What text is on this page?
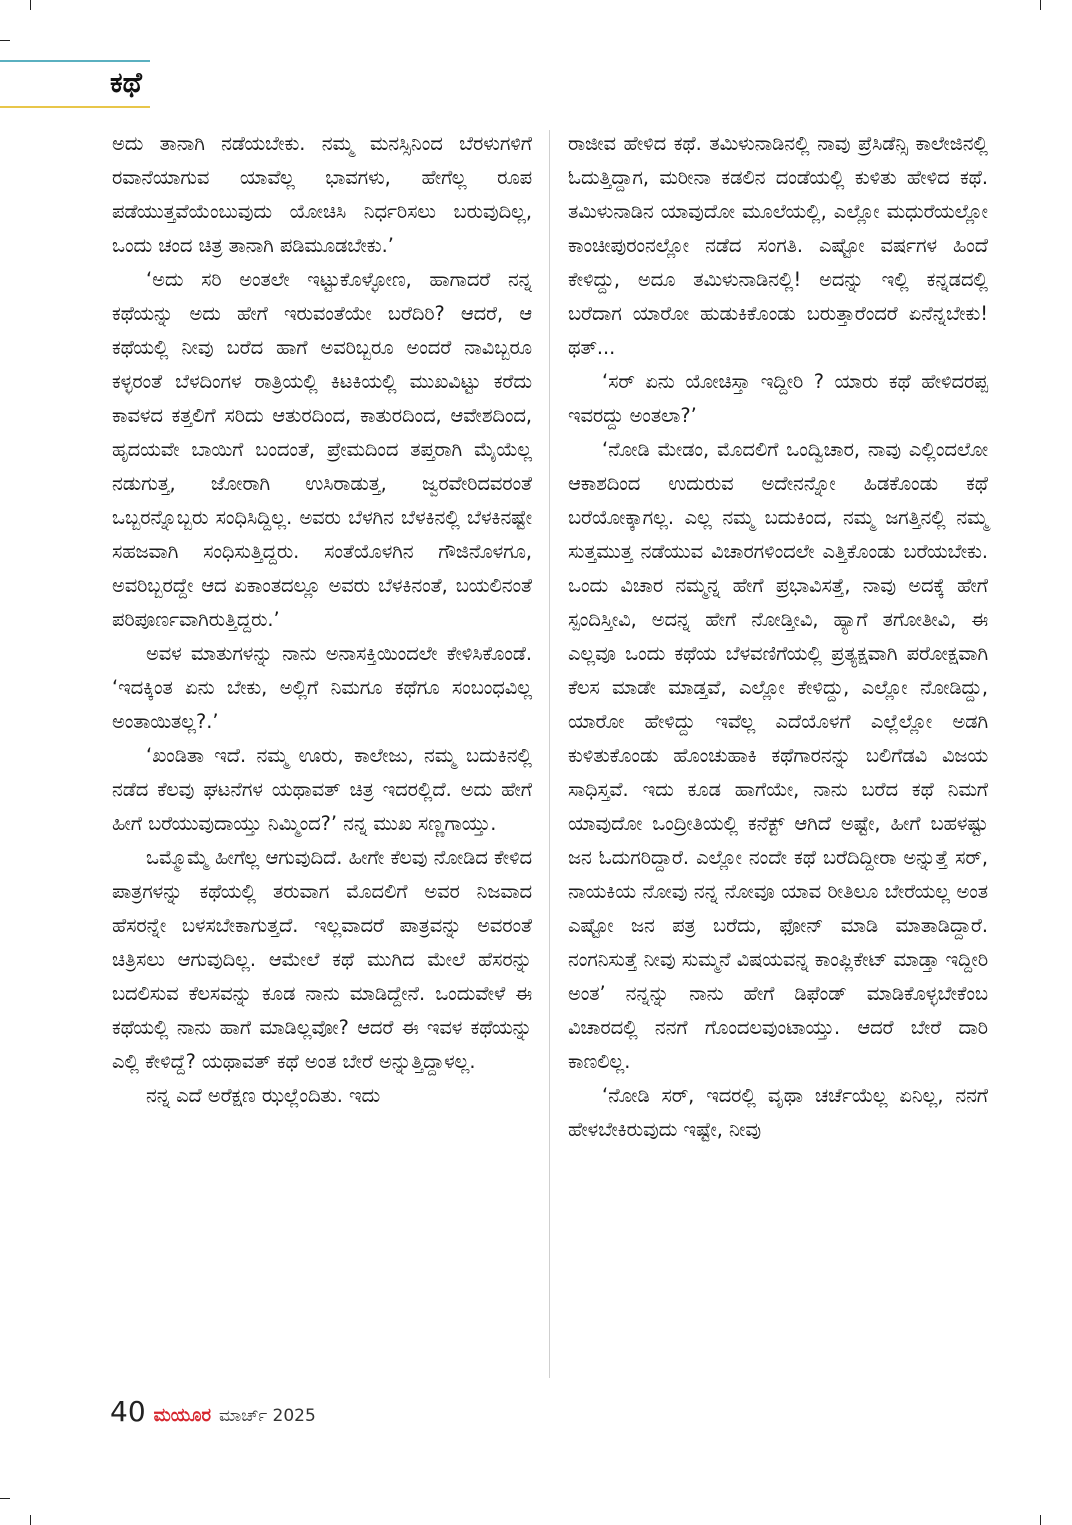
ಕಥೆ

ಅದು ತಾನಾಗಿ ನಡೆಯಬೇಕು. ನಮ್ಮ ಮನಸ್ಸಿನಿಂದ ಬೆರಳುಗಳಿಗೆ ರವಾನೆಯಾಗುವ ಯಾವೆಲ್ಲ ಭಾವಗಳು, ಹೇಗೆಲ್ಲ ರೂಪ ಪಡೆಯುತ್ತವೆಯೆಂಬುವುದು ಯೋಚಿಸಿ ನಿರ್ಧರಿಸಲು ಬರುವುದಿಲ್ಲ, ಒಂದು ಚಂದ ಚಿತ್ರ ತಾನಾಗಿ ಪಡಿಮೂಡಬೇಕು.’

‘ಅದು ಸರಿ ಅಂತಲೇ ಇಟ್ಟುಕೊಳ್ಳೋಣ, ಹಾಗಾದರೆ ನನ್ನ ಕಥೆಯನ್ನು ಅದು ಹೇಗೆ ಇರುವಂತೆಯೇ ಬರೆದಿರಿ? ಆದರೆ, ಆ ಕಥೆಯಲ್ಲಿ ನೀವು ಬರೆದ ಹಾಗೆ ಅವರಿಬ್ಬರೂ ಅಂದರೆ ನಾವಿಬ್ಬರೂ ಕಳ್ಳರಂತೆ ಬೆಳದಿಂಗಳ ರಾತ್ರಿಯಲ್ಲಿ ಕಿಟಕಿಯಲ್ಲಿ ಮುಖವಿಟ್ಟು ಕರೆದು ಕಾವಳದ ಕತ್ತಲಿಗೆ ಸರಿದು ಆತುರದಿಂದ, ಕಾತುರದಿಂದ, ಆವೇಶದಿಂದ, ಹೃದಯವೇ ಬಾಯಿಗೆ ಬಂದಂತೆ, ಪ್ರೇಮದಿಂದ ತಪ್ತರಾಗಿ ಮೈಯೆಲ್ಲ ನಡುಗುತ್ತ, ಜೋರಾಗಿ ಉಸಿರಾಡುತ್ತ, ಜ್ವರವೇರಿದವರಂತೆ ಒಬ್ಬರನ್ನೊಬ್ಬರು ಸಂಧಿಸಿದ್ದಿಲ್ಲ. ಅವರು ಬೆಳಗಿನ ಬೆಳಕಿನಲ್ಲಿ ಬೆಳಕಿನಷ್ಟೇ ಸಹಜವಾಗಿ ಸಂಧಿಸುತ್ತಿದ್ದರು. ಸಂತೆಯೊಳಗಿನ ಗೌಜಿನೊಳಗೂ, ಅವರಿಬ್ಬರದ್ದೇ ಆದ ಏಕಾಂತದಲ್ಲೂ ಅವರು ಬೆಳಕಿನಂತೆ, ಬಯಲಿನಂತೆ ಪರಿಪೂರ್ಣವಾಗಿರುತ್ತಿದ್ದರು.’

ಅವಳ ಮಾತುಗಳನ್ನು ನಾನು ಅನಾಸಕ್ತಿಯಿಂದಲೇ ಕೇಳಿಸಿಕೊಂಡೆ. ‘ಇದಕ್ಕಿಂತ ಏನು ಬೇಕು, ಅಲ್ಲಿಗೆ ನಿಮಗೂ ಕಥೆಗೂ ಸಂಬಂಧವಿಲ್ಲ ಅಂತಾಯಿತಲ್ಲ?.’

‘ಖಂಡಿತಾ ಇದೆ. ನಮ್ಮ ಊರು, ಕಾಲೇಜು, ನಮ್ಮ ಬದುಕಿನಲ್ಲಿ ನಡೆದ ಕೆಲವು ಘಟನೆಗಳ ಯಥಾವತ್ ಚಿತ್ರ ಇದರಲ್ಲಿದೆ. ಅದು ಹೇಗೆ ಹೀಗೆ ಬರೆಯುವುದಾಯ್ತು ನಿಮ್ಮಿಂದ?’ ನನ್ನ ಮುಖ ಸಣ್ಣಗಾಯ್ತು.

ಒಮ್ಮೊಮ್ಮೆ ಹೀಗೆಲ್ಲ ಆಗುವುದಿದೆ. ಹೀಗೇ ಕೆಲವು ನೋಡಿದ ಕೇಳಿದ ಪಾತ್ರಗಳನ್ನು ಕಥೆಯಲ್ಲಿ ತರುವಾಗ ಮೊದಲಿಗೆ ಅವರ ನಿಜವಾದ ಹೆಸರನ್ನೇ ಬಳಸಬೇಕಾಗುತ್ತದೆ. ಇಲ್ಲವಾದರೆ ಪಾತ್ರವನ್ನು ಅವರಂತೆ ಚಿತ್ರಿಸಲು ಆಗುವುದಿಲ್ಲ. ಆಮೇಲೆ ಕಥೆ ಮುಗಿದ ಮೇಲೆ ಹೆಸರನ್ನು ಬದಲಿಸುವ ಕೆಲಸವನ್ನು ಕೂಡ ನಾನು ಮಾಡಿದ್ದೇನೆ. ಒಂದುವೇಳೆ ಈ ಕಥೆಯಲ್ಲಿ ನಾನು ಹಾಗೆ ಮಾಡಿಲ್ಲವೋ? ಆದರೆ ಈ ಇವಳ ಕಥೆಯನ್ನು ಎಲ್ಲಿ ಕೇಳಿದ್ದೆ? ಯಥಾವತ್ ಕಥೆ ಅಂತ ಬೇರೆ ಅನ್ನುತ್ತಿದ್ದಾಳಲ್ಲ.

ನನ್ನ ಎದೆ ಅರೆಕ್ಷಣ ಝಲ್ಲೆಂದಿತು. ಇದು

ರಾಜೀವ ಹೇಳಿದ ಕಥೆ. ತಮಿಳುನಾಡಿನಲ್ಲಿ ನಾವು ಪ್ರೆಸಿಡೆನ್ಸಿ ಕಾಲೇಜಿನಲ್ಲಿ ಓದುತ್ತಿದ್ದಾಗ, ಮರೀನಾ ಕಡಲಿನ ದಂಡೆಯಲ್ಲಿ ಕುಳಿತು ಹೇಳಿದ ಕಥೆ. ತಮಿಳುನಾಡಿನ ಯಾವುದೋ ಮೂಲೆಯಲ್ಲಿ, ಎಲ್ಲೋ ಮಧುರೆಯಲ್ಲೋ ಕಾಂಚೀಪುರಂನಲ್ಲೋ ನಡೆದ ಸಂಗತಿ. ಎಷ್ಟೋ ವರ್ಷಗಳ ಹಿಂದೆ ಕೇಳಿದ್ದು, ಅದೂ ತಮಿಳುನಾಡಿನಲ್ಲಿ! ಅದನ್ನು ಇಲ್ಲಿ ಕನ್ನಡದಲ್ಲಿ ಬರೆದಾಗ ಯಾರೋ ಹುಡುಕಿಕೊಂಡು ಬರುತ್ತಾರೆಂದರೆ ಏನೆನ್ನಬೇಕು! ಥತ್...

‘ಸರ್ ಏನು ಯೋಚಿಸ್ತಾ ಇದ್ದೀರಿ ? ಯಾರು ಕಥೆ ಹೇಳಿದರಪ್ಪ ಇವರದ್ದು ಅಂತಲಾ?’

‘ನೋಡಿ ಮೇಡಂ, ಮೊದಲಿಗೆ ಒಂದ್ವಿಚಾರ, ನಾವು ಎಲ್ಲಿಂದಲೋ ಆಕಾಶದಿಂದ ಉದುರುವ ಅದೇನನ್ನೋ ಹಿಡಕೊಂಡು ಕಥೆ ಬರೆಯೋಕ್ಕಾಗಲ್ಲ. ಎಲ್ಲ ನಮ್ಮ ಬದುಕಿಂದ, ನಮ್ಮ ಜಗತ್ತಿನಲ್ಲಿ ನಮ್ಮ ಸುತ್ತಮುತ್ತ ನಡೆಯುವ ವಿಚಾರಗಳಿಂದಲೇ ಎತ್ತಿಕೊಂಡು ಬರೆಯಬೇಕು. ಒಂದು ವಿಚಾರ ನಮ್ಮನ್ನ ಹೇಗೆ ಪ್ರಭಾವಿಸತ್ತೆ, ನಾವು ಅದಕ್ಕೆ ಹೇಗೆ ಸ್ಪಂದಿಸ್ತೀವಿ, ಅದನ್ನ ಹೇಗೆ ನೋಡ್ತೀವಿ, ಹ್ಯಾಗೆ ತಗೋತೀವಿ, ಈ ಎಲ್ಲವೂ ಒಂದು ಕಥೆಯ ಬೆಳವಣಿಗೆಯಲ್ಲಿ ಪ್ರತ್ಯಕ್ಷವಾಗಿ ಪರೋಕ್ಷವಾಗಿ ಕೆಲಸ ಮಾಡೇ ಮಾಡ್ತವೆ, ಎಲ್ಲೋ ಕೇಳಿದ್ದು, ಎಲ್ಲೋ ನೋಡಿದ್ದು, ಯಾರೋ ಹೇಳಿದ್ದು ಇವೆಲ್ಲ ಎದೆಯೊಳಗೆ ಎಲ್ಲೆಲ್ಲೋ ಅಡಗಿ ಕುಳಿತುಕೊಂಡು ಹೊಂಚುಹಾಕಿ ಕಥೆಗಾರನನ್ನು ಬಲಿಗೆಡವಿ ವಿಜಯ ಸಾಧಿಸ್ತವೆ. ಇದು ಕೂಡ ಹಾಗೆಯೇ, ನಾನು ಬರೆದ ಕಥೆ ನಿಮಗೆ ಯಾವುದೋ ಒಂದ್ರೀತಿಯಲ್ಲಿ ಕನೆಕ್ಟ್ ಆಗಿದೆ ಅಷ್ಟೇ, ಹೀಗೆ ಬಹಳಷ್ಟು ಜನ ಓದುಗರಿದ್ದಾರೆ. ಎಲ್ಲೋ ನಂದೇ ಕಥೆ ಬರೆದಿದ್ದೀರಾ ಅನ್ನುತ್ತೆ ಸರ್, ನಾಯಕಿಯ ನೋವು ನನ್ನ ನೋವೂ ಯಾವ ರೀತಿಲೂ ಬೇರೆಯಲ್ಲ ಅಂತ ಎಷ್ಟೋ ಜನ ಪತ್ರ ಬರೆದು, ಫೋನ್ ಮಾಡಿ ಮಾತಾಡಿದ್ದಾರೆ. ನಂಗನಿಸುತ್ತೆ ನೀವು ಸುಮ್ಮನೆ ವಿಷಯವನ್ನ ಕಾಂಪ್ಲಿಕೇಟ್ ಮಾಡ್ತಾ ಇದ್ದೀರಿ ಅಂತ’ ನನ್ನನ್ನು ನಾನು ಹೇಗೆ ಡಿಫೆಂಡ್ ಮಾಡಿಕೊಳ್ಳಬೇಕೆಂಬ ವಿಚಾರದಲ್ಲಿ ನನಗೆ ಗೊಂದಲವುಂಟಾಯ್ತು. ಆದರೆ ಬೇರೆ ದಾರಿ ಕಾಣಲಿಲ್ಲ.

‘ನೋಡಿ ಸರ್, ಇದರಲ್ಲಿ ವೃಥಾ ಚರ್ಚೆಯೆಲ್ಲ ಏನಿಲ್ಲ, ನನಗೆ ಹೇಳಬೇಕಿರುವುದು ಇಷ್ಟೇ, ನೀವು

40 ಮಯೂರ ಮಾರ್ಚ್ 2025
